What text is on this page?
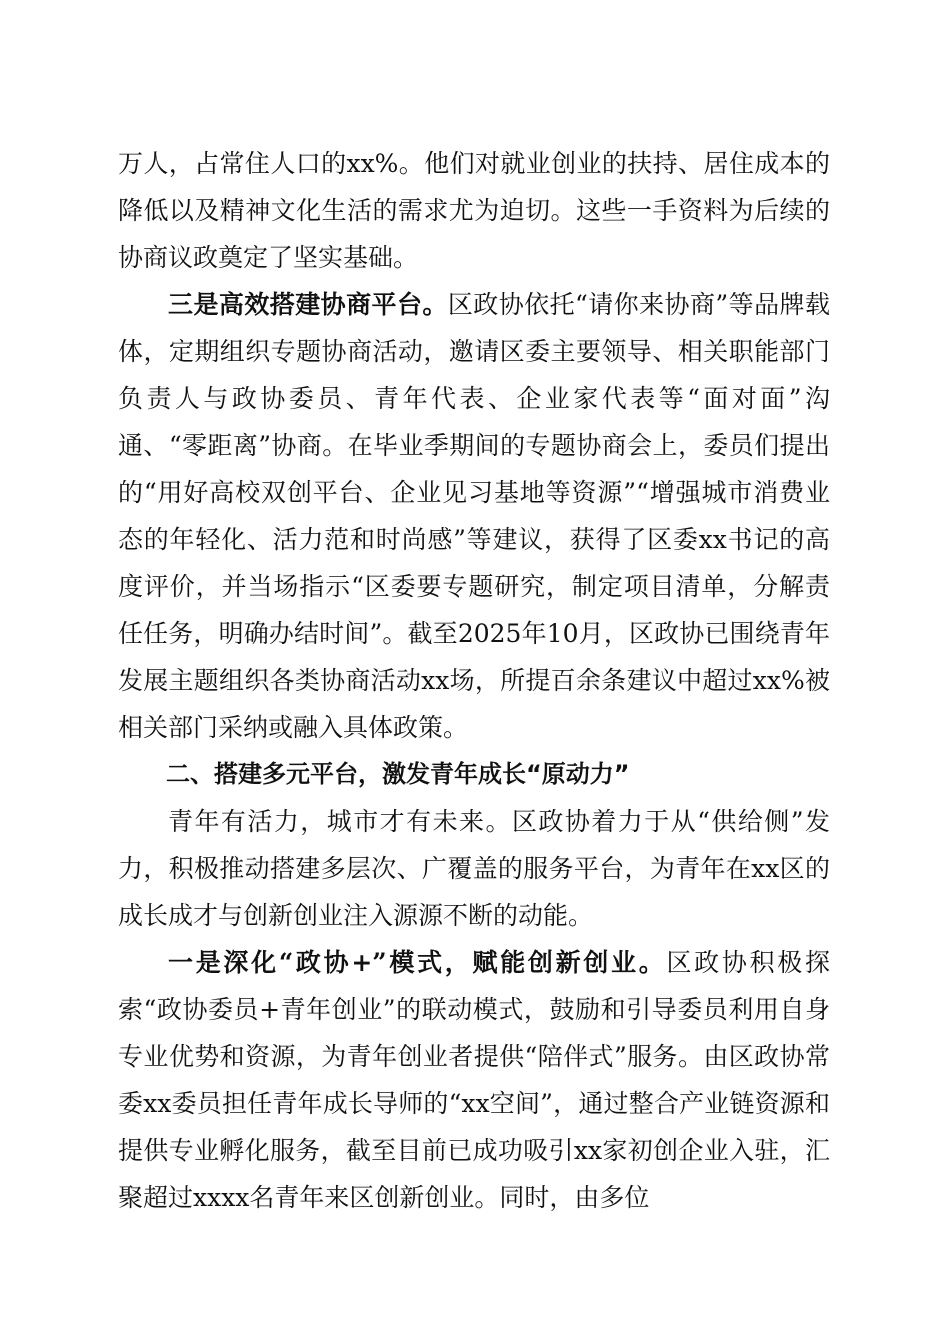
万人，占常住人口的xx%。他们对就业创业的扶持、居住成本的降低以及精神文化生活的需求尤为迫切。这些一手资料为后续的协商议政奠定了坚实基础。

三是高效搭建协商平台。区政协依托“请你来协商”等品牌载体，定期组织专题协商活动，邀请区委主要领导、相关职能部门负责人与政协委员、青年代表、企业家代表等“面对面”沟通、“零距离”协商。在毕业季期间的专题协商会上，委员们提出的“用好高校双创平台、企业见习基地等资源”“增强城市消费业态的年轻化、活力范和时尚感”等建议，获得了区委xx书记的高度评价，并当场指示“区委要专题研究，制定项目清单，分解责任任务，明确办结时间”。截至2025年10月，区政协已围绕青年发展主题组织各类协商活动xx场，所提百余条建议中超过xx%被相关部门采纳或融入具体政策。

二、搭建多元平台，激发青年成长“原动力”

青年有活力，城市才有未来。区政协着力于从“供给侧”发力，积极推动搭建多层次、广覆盖的服务平台，为青年在xx区的成长成才与创新创业注入源源不断的动能。

一是深化“政协+”模式，赋能创新创业。区政协积极探索“政协委员+青年创业”的联动模式，鼓励和引导委员利用自身专业优势和资源，为青年创业者提供“陪伴式”服务。由区政协常委xx委员担任青年成长导师的“xx空间”，通过整合产业链资源和提供专业孵化服务，截至目前已成功吸引xx家初创企业入驻，汇聚超过xxxx名青年来区创新创业。同时，由多位
